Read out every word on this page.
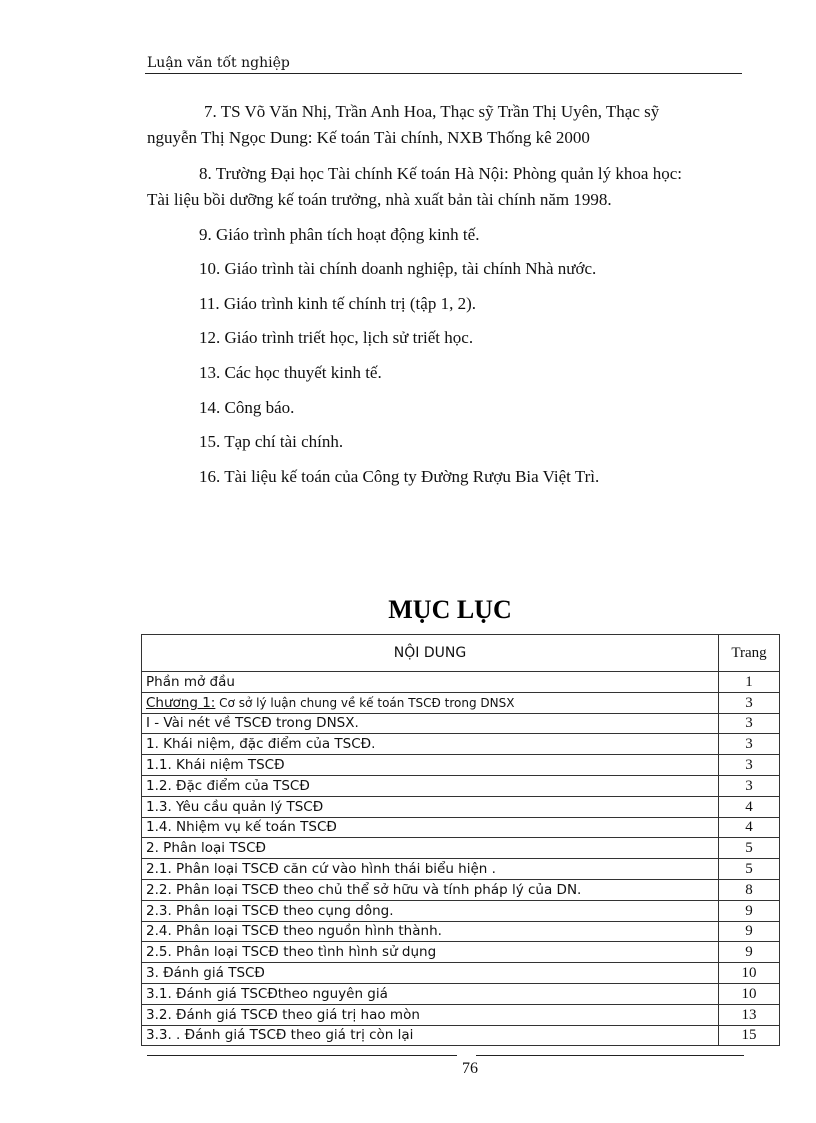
Luận văn tốt nghiệp
7. TS Võ Văn Nhị, Trần Anh Hoa, Thạc sỹ Trần Thị Uyên, Thạc sỹ
nguyễn Thị Ngọc Dung: Kế toán Tài chính, NXB Thống kê 2000
8. Trường Đại học Tài chính Kế toán Hà Nội: Phòng quản lý khoa học:
Tài liệu bồi dưỡng kế toán trưởng, nhà xuất bản tài chính năm 1998.
9. Giáo trình phân tích hoạt động kinh tế.
10. Giáo trình tài chính doanh nghiệp, tài chính Nhà nước.
11. Giáo trình kinh tế chính trị (tập 1, 2).
12. Giáo trình triết học, lịch sử triết học.
13. Các học thuyết kinh tế.
14. Công báo.
15. Tạp chí tài chính.
16. Tài liệu kế toán của Công ty Đường Rượu Bia Việt Trì.
MỤC LỤC
NỘI DUNG	Trang
Phần mở đầu	1
Chương 1: Cơ sở lý luận chung về kế toán TSCĐ trong DNSX	3
I - Vài nét về TSCĐ trong DNSX.	3
1. Khái niệm, đặc điểm của TSCĐ.	3
1.1. Khái niệm TSCĐ	3
1.2. Đặc điểm của TSCĐ	3
1.3. Yêu cầu quản lý TSCĐ	4
1.4. Nhiệm vụ kế toán TSCĐ	4
2. Phân loại TSCĐ	5
2.1. Phân loại TSCĐ căn cứ vào hình thái biểu hiện .	5
2.2. Phân loại TSCĐ theo chủ thể sở hữu và tính pháp lý của DN.	8
2.3. Phân loại TSCĐ theo cụng dông.	9
2.4. Phân loại TSCĐ theo nguồn hình thành.	9
2.5. Phân loại TSCĐ theo tình hình sử dụng	9
3. Đánh giá TSCĐ	10
3.1. Đánh giá TSCĐtheo nguyên giá	10
3.2. Đánh giá TSCĐ theo giá trị hao mòn	13
3.3. . Đánh giá TSCĐ theo giá trị còn lại	15
76
